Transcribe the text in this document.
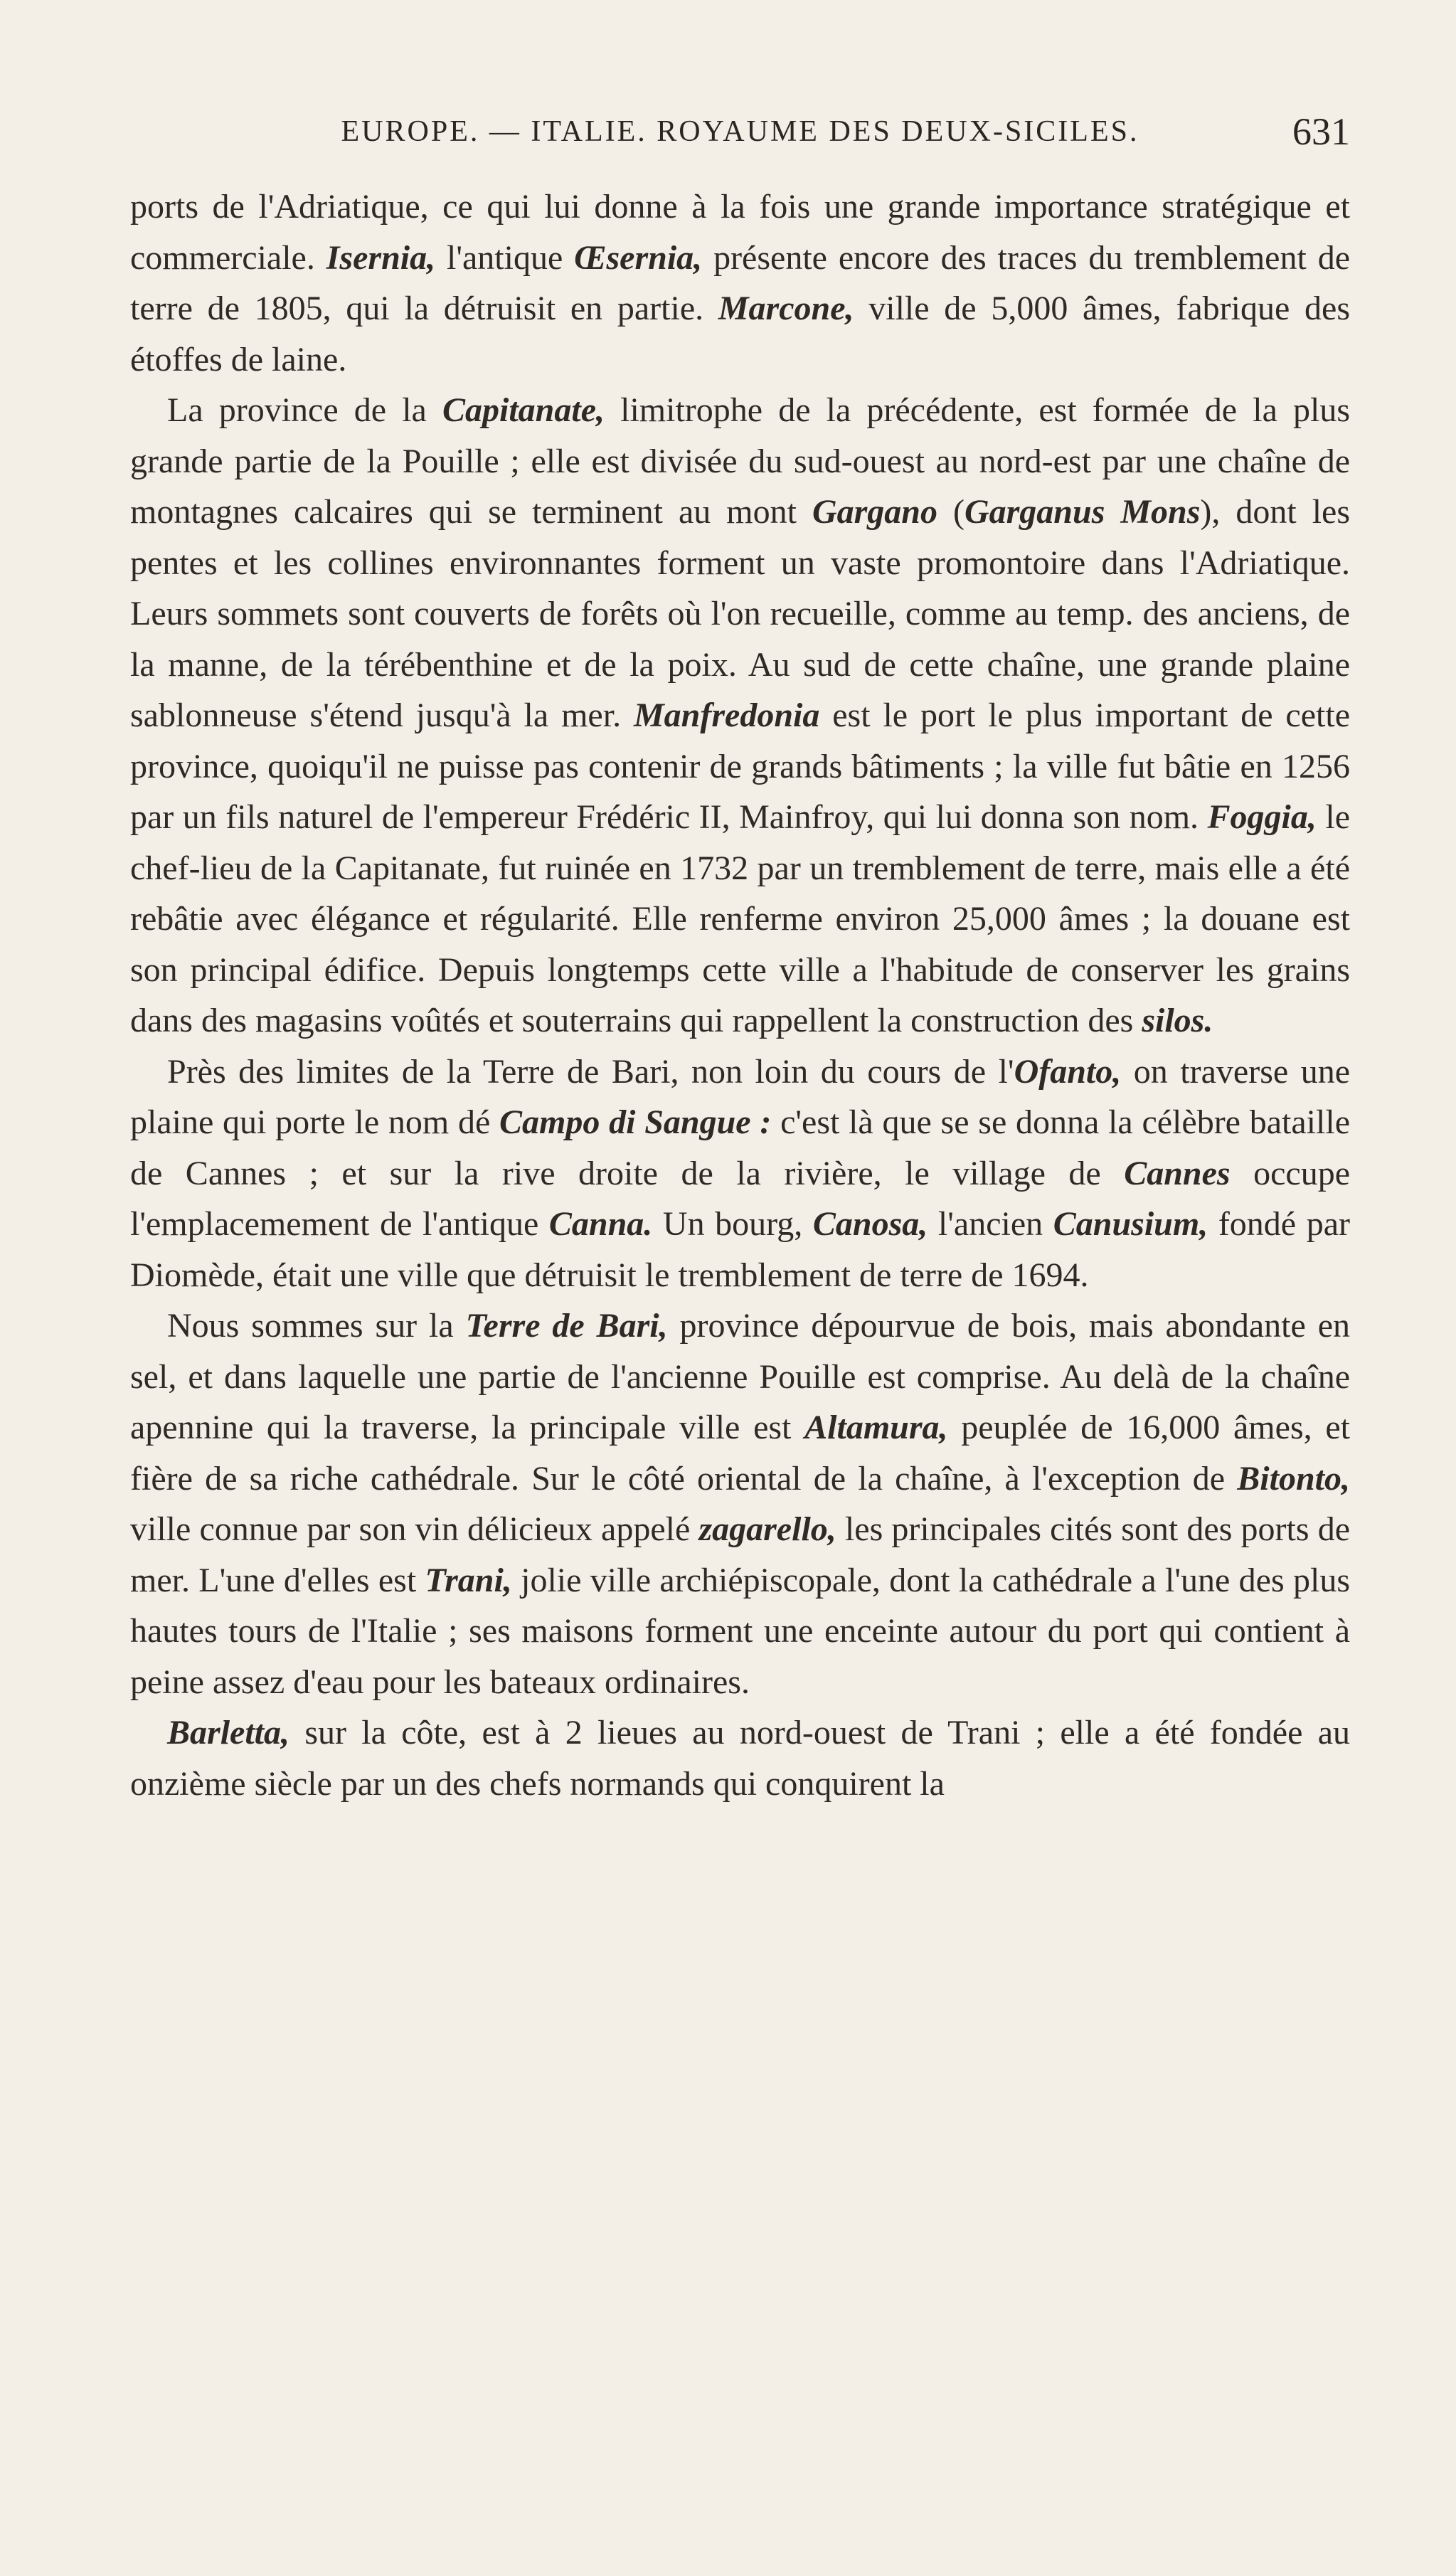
EUROPE. — ITALIE. ROYAUME DES DEUX-SICILES.	631

ports de l'Adriatique, ce qui lui donne à la fois une grande importance stratégique et commerciale. Isernia, l'antique Œsernia, présente encore des traces du tremblement de terre de 1805, qui la détruisit en partie. Marcone, ville de 5,000 âmes, fabrique des étoffes de laine.

La province de la Capitanate, limitrophe de la précédente, est formée de la plus grande partie de la Pouille ; elle est divisée du sud-ouest au nord-est par une chaîne de montagnes calcaires qui se terminent au mont Gargano (Garganus Mons), dont les pentes et les collines environnantes forment un vaste promontoire dans l'Adriatique. Leurs sommets sont couverts de forêts où l'on recueille, comme au temp. des anciens, de la manne, de la térébenthine et de la poix. Au sud de cette chaîne, une grande plaine sablonneuse s'étend jusqu'à la mer. Manfredonia est le port le plus important de cette province, quoiqu'il ne puisse pas contenir de grands bâtiments ; la ville fut bâtie en 1256 par un fils naturel de l'empereur Frédéric II, Mainfroy, qui lui donna son nom. Foggia, le chef-lieu de la Capitanate, fut ruinée en 1732 par un tremblement de terre, mais elle a été rebâtie avec élégance et régularité. Elle renferme environ 25,000 âmes ; la douane est son principal édifice. Depuis longtemps cette ville a l'habitude de conserver les grains dans des magasins voûtés et souterrains qui rappellent la construction des silos.

Près des limites de la Terre de Bari, non loin du cours de l'Ofanto, on traverse une plaine qui porte le nom dé Campo di Sangue : c'est là que se se donna la célèbre bataille de Cannes ; et sur la rive droite de la rivière, le village de Cannes occupe l'emplacemement de l'antique Canna. Un bourg, Canosa, l'ancien Canusium, fondé par Diomède, était une ville que détruisit le tremblement de terre de 1694.

Nous sommes sur la Terre de Bari, province dépourvue de bois, mais abondante en sel, et dans laquelle une partie de l'ancienne Pouille est comprise. Au delà de la chaîne apennine qui la traverse, la principale ville est Altamura, peuplée de 16,000 âmes, et fière de sa riche cathédrale. Sur le côté oriental de la chaîne, à l'exception de Bitonto, ville connue par son vin délicieux appelé zagarello, les principales cités sont des ports de mer. L'une d'elles est Trani, jolie ville archiépiscopale, dont la cathédrale a l'une des plus hautes tours de l'Italie ; ses maisons forment une enceinte autour du port qui contient à peine assez d'eau pour les bateaux ordinaires.

Barletta, sur la côte, est à 2 lieues au nord-ouest de Trani ; elle a été fondée au onzième siècle par un des chefs normands qui conquirent la
